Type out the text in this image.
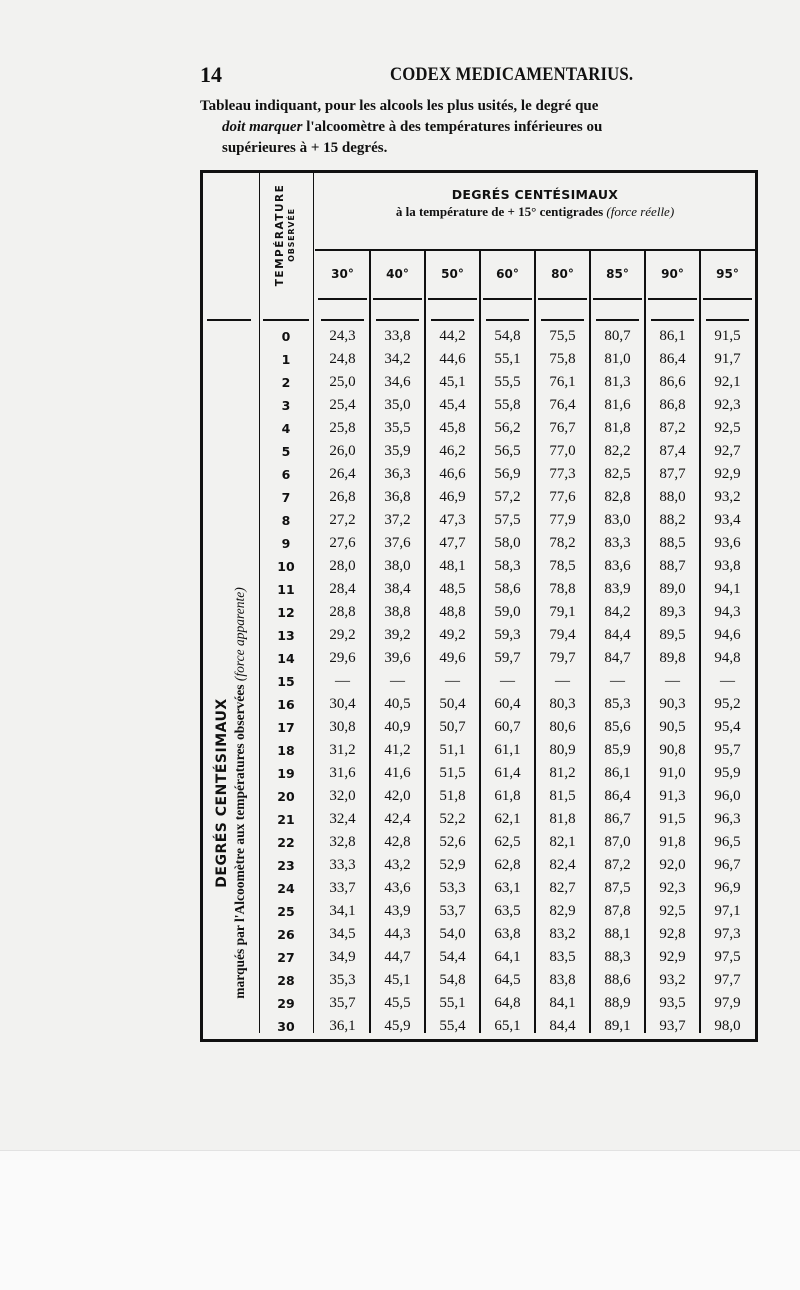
14	CODEX MEDICAMENTARIUS.
Tableau indiquant, pour les alcools les plus usités, le degré que
doit marquer l'alcoomètre à des températures inférieures ou
supérieures à + 15 degrés.
DEGRÉS CENTÉSIMAUX marqués par l'Alcoomètre aux températures observées (force apparente)
TEMPÉRATURE OBSERVÉE
DEGRÉS CENTÉSIMAUX
à la température de + 15° centigrades (force réelle)
30°	40°	50°	60°	80°	85°	90°	95°
0	24,3	33,8	44,2	54,8	75,5	80,7	86,1	91,5
1	24,8	34,2	44,6	55,1	75,8	81,0	86,4	91,7
2	25,0	34,6	45,1	55,5	76,1	81,3	86,6	92,1
3	25,4	35,0	45,4	55,8	76,4	81,6	86,8	92,3
4	25,8	35,5	45,8	56,2	76,7	81,8	87,2	92,5
5	26,0	35,9	46,2	56,5	77,0	82,2	87,4	92,7
6	26,4	36,3	46,6	56,9	77,3	82,5	87,7	92,9
7	26,8	36,8	46,9	57,2	77,6	82,8	88,0	93,2
8	27,2	37,2	47,3	57,5	77,9	83,0	88,2	93,4
9	27,6	37,6	47,7	58,0	78,2	83,3	88,5	93,6
10	28,0	38,0	48,1	58,3	78,5	83,6	88,7	93,8
11	28,4	38,4	48,5	58,6	78,8	83,9	89,0	94,1
12	28,8	38,8	48,8	59,0	79,1	84,2	89,3	94,3
13	29,2	39,2	49,2	59,3	79,4	84,4	89,5	94,6
14	29,6	39,6	49,6	59,7	79,7	84,7	89,8	94,8
15	—	—	—	—	—	—	—	—
16	30,4	40,5	50,4	60,4	80,3	85,3	90,3	95,2
17	30,8	40,9	50,7	60,7	80,6	85,6	90,5	95,4
18	31,2	41,2	51,1	61,1	80,9	85,9	90,8	95,7
19	31,6	41,6	51,5	61,4	81,2	86,1	91,0	95,9
20	32,0	42,0	51,8	61,8	81,5	86,4	91,3	96,0
21	32,4	42,4	52,2	62,1	81,8	86,7	91,5	96,3
22	32,8	42,8	52,6	62,5	82,1	87,0	91,8	96,5
23	33,3	43,2	52,9	62,8	82,4	87,2	92,0	96,7
24	33,7	43,6	53,3	63,1	82,7	87,5	92,3	96,9
25	34,1	43,9	53,7	63,5	82,9	87,8	92,5	97,1
26	34,5	44,3	54,0	63,8	83,2	88,1	92,8	97,3
27	34,9	44,7	54,4	64,1	83,5	88,3	92,9	97,5
28	35,3	45,1	54,8	64,5	83,8	88,6	93,2	97,7
29	35,7	45,5	55,1	64,8	84,1	88,9	93,5	97,9
30	36,1	45,9	55,4	65,1	84,4	89,1	93,7	98,0
